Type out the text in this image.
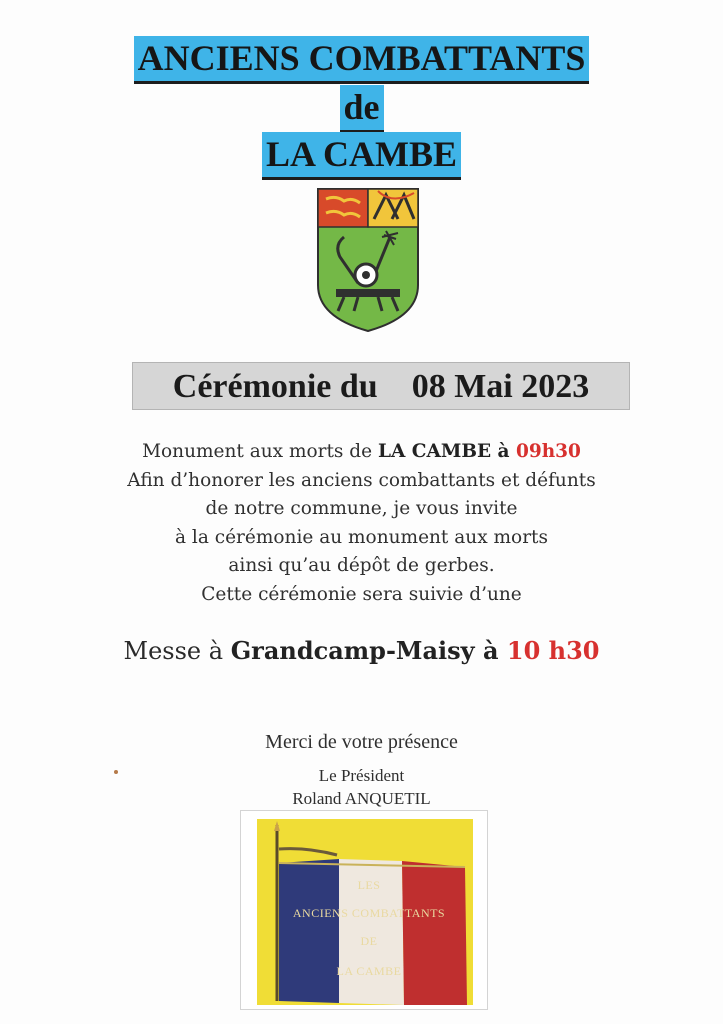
ANCIENS COMBATTANTS
de
LA CAMBE
Cérémonie du 08 Mai 2023
Monument aux morts de LA CAMBE à 09h30
Afin d’honorer les anciens combattants et défunts
de notre commune, je vous invite
à la cérémonie au monument aux morts
ainsi qu’au dépôt de gerbes.
Cette cérémonie sera suivie d’une
Messe à Grandcamp-Maisy à 10 h30
Merci de votre présence
Le Président
Roland ANQUETIL
LES
ANCIENS COMBATTANTS
DE
LA CAMBE
